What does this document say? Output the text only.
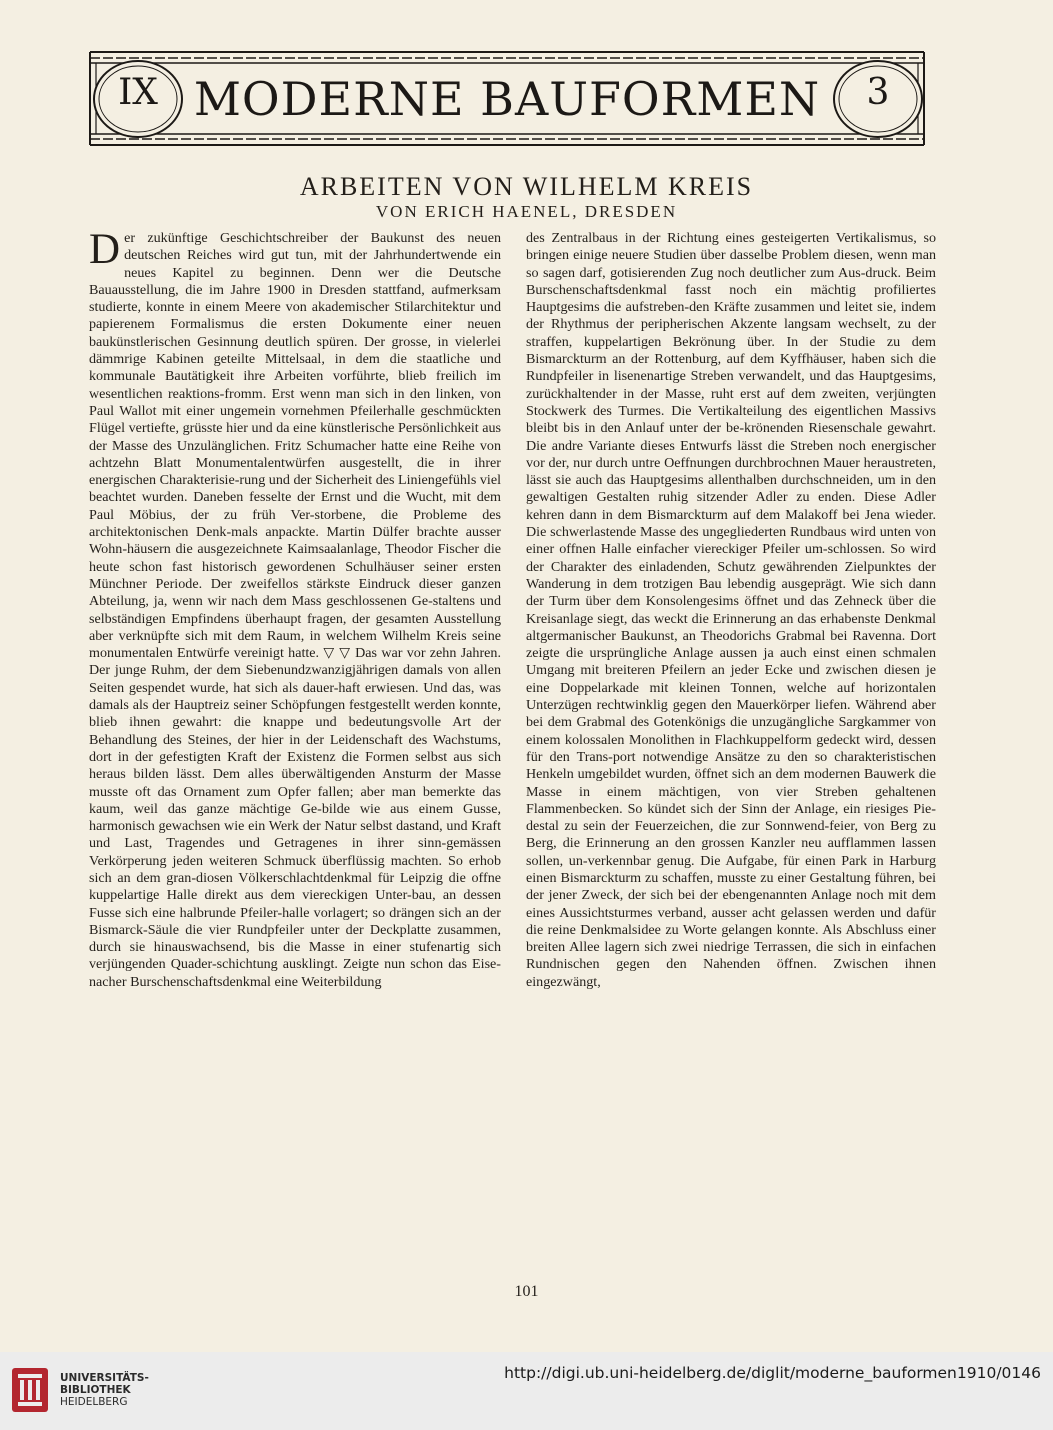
IX MODERNE BAUFORMEN	3
ARBEITEN VON WILHELM KREIS
VON ERICH HAENEL, DRESDEN

Der zukünftige Geschichtschreiber der Baukunst des neuen deutschen Reiches wird gut tun, mit der Jahrhundertwende ein neues Kapitel zu beginnen. Denn wer die Deutsche Bauausstellung, die im Jahre 1900 in Dresden stattfand, aufmerksam studierte, konnte in einem Meere von akademischer Stilarchitektur und papierenem Formalismus die ersten Dokumente einer neuen baukünstlerischen Gesinnung deutlich spüren. Der grosse, in vielerlei dämmrige Kabinen geteilte Mittelsaal, in dem die staatliche und kommunale Bautätigkeit ihre Arbeiten vorführte, blieb freilich im wesentlichen reaktions-fromm. Erst wenn man sich in den linken, von Paul Wallot mit einer ungemein vornehmen Pfeilerhalle geschmückten Flügel vertiefte, grüsste hier und da eine künstlerische Persönlichkeit aus der Masse des Unzulänglichen. Fritz Schumacher hatte eine Reihe von achtzehn Blatt Monumentalentwürfen ausgestellt, die in ihrer energischen Charakterisie-rung und der Sicherheit des Liniengefühls viel beachtet wurden. Daneben fesselte der Ernst und die Wucht, mit dem Paul Möbius, der zu früh Ver-storbene, die Probleme des architektonischen Denk-mals anpackte. Martin Dülfer brachte ausser Wohn-häusern die ausgezeichnete Kaimsaalanlage, Theodor Fischer die heute schon fast historisch gewordenen Schulhäuser seiner ersten Münchner Periode. Der zweifellos stärkste Eindruck dieser ganzen Abteilung, ja, wenn wir nach dem Mass geschlossenen Ge-staltens und selbständigen Empfindens überhaupt fragen, der gesamten Ausstellung aber verknüpfte sich mit dem Raum, in welchem Wilhelm Kreis seine monumentalen Entwürfe vereinigt hatte. ▽ ▽ Das war vor zehn Jahren. Der junge Ruhm, der dem Siebenundzwanzigjährigen damals von allen Seiten gespendet wurde, hat sich als dauer-haft erwiesen. Und das, was damals als der Hauptreiz seiner Schöpfungen festgestellt werden konnte, blieb ihnen gewahrt: die knappe und bedeutungsvolle Art der Behandlung des Steines, der hier in der Leidenschaft des Wachstums, dort in der gefestigten Kraft der Existenz die Formen selbst aus sich heraus bilden lässt. Dem alles überwältigenden Ansturm der Masse musste oft das Ornament zum Opfer fallen; aber man bemerkte das kaum, weil das ganze mächtige Ge-bilde wie aus einem Gusse, harmonisch gewachsen wie ein Werk der Natur selbst dastand, und Kraft und Last, Tragendes und Getragenes in ihrer sinn-gemässen Verkörperung jeden weiteren Schmuck überflüssig machten. So erhob sich an dem gran-diosen Völkerschlachtdenkmal für Leipzig die offne kuppelartige Halle direkt aus dem viereckigen Unter-bau, an dessen Fusse sich eine halbrunde Pfeiler-halle vorlagert; so drängen sich an der Bismarck-Säule die vier Rundpfeiler unter der Deckplatte zusammen, durch sie hinauswachsend, bis die Masse in einer stufenartig sich verjüngenden Quader-schichtung ausklingt. Zeigte nun schon das Eise-nacher Burschenschaftsdenkmal eine Weiterbildung

des Zentralbaus in der Richtung eines gesteigerten Vertikalismus, so bringen einige neuere Studien über dasselbe Problem diesen, wenn man so sagen darf, gotisierenden Zug noch deutlicher zum Aus-druck. Beim Burschenschaftsdenkmal fasst noch ein mächtig profiliertes Hauptgesims die aufstreben-den Kräfte zusammen und leitet sie, indem der Rhythmus der peripherischen Akzente langsam wechselt, zu der straffen, kuppelartigen Bekrönung über. In der Studie zu dem Bismarckturm an der Rottenburg, auf dem Kyffhäuser, haben sich die Rundpfeiler in lisenenartige Streben verwandelt, und das Hauptgesims, zurückhaltender in der Masse, ruht erst auf dem zweiten, verjüngten Stockwerk des Turmes. Die Vertikalteilung des eigentlichen Massivs bleibt bis in den Anlauf unter der be-krönenden Riesenschale gewahrt. Die andre Variante dieses Entwurfs lässt die Streben noch energischer vor der, nur durch untre Oeffnungen durchbrochnen Mauer heraustreten, lässt sie auch das Hauptgesims allenthalben durchschneiden, um in den gewaltigen Gestalten ruhig sitzender Adler zu enden. Diese Adler kehren dann in dem Bismarckturm auf dem Malakoff bei Jena wieder. Die schwerlastende Masse des ungegliederten Rundbaus wird unten von einer offnen Halle einfacher viereckiger Pfeiler um-schlossen. So wird der Charakter des einladenden, Schutz gewährenden Zielpunktes der Wanderung in dem trotzigen Bau lebendig ausgeprägt. Wie sich dann der Turm über dem Konsolengesims öffnet und das Zehneck über die Kreisanlage siegt, das weckt die Erinnerung an das erhabenste Denkmal altgermanischer Baukunst, an Theodorichs Grabmal bei Ravenna. Dort zeigte die ursprüngliche Anlage aussen ja auch einst einen schmalen Umgang mit breiteren Pfeilern an jeder Ecke und zwischen diesen je eine Doppelarkade mit kleinen Tonnen, welche auf horizontalen Unterzügen rechtwinklig gegen den Mauerkörper liefen. Während aber bei dem Grabmal des Gotenkönigs die unzugängliche Sargkammer von einem kolossalen Monolithen in Flachkuppelform gedeckt wird, dessen für den Trans-port notwendige Ansätze zu den so charakteristischen Henkeln umgebildet wurden, öffnet sich an dem modernen Bauwerk die Masse in einem mächtigen, von vier Streben gehaltenen Flammenbecken. So kündet sich der Sinn der Anlage, ein riesiges Pie-destal zu sein der Feuerzeichen, die zur Sonnwend-feier, von Berg zu Berg, die Erinnerung an den grossen Kanzler neu aufflammen lassen sollen, un-verkennbar genug. Die Aufgabe, für einen Park in Harburg einen Bismarckturm zu schaffen, musste zu einer Gestaltung führen, bei der jener Zweck, der sich bei der ebengenannten Anlage noch mit dem eines Aussichtsturmes verband, ausser acht gelassen werden und dafür die reine Denkmalsidee zu Worte gelangen konnte. Als Abschluss einer breiten Allee lagern sich zwei niedrige Terrassen, die sich in einfachen Rundnischen gegen den Nahenden öffnen. Zwischen ihnen eingezwängt,

101
UNIVERSITÄTS-
BIBLIOTHEK
HEIDELBERG
http://digi.ub.uni-heidelberg.de/diglit/moderne_bauformen1910/0146
